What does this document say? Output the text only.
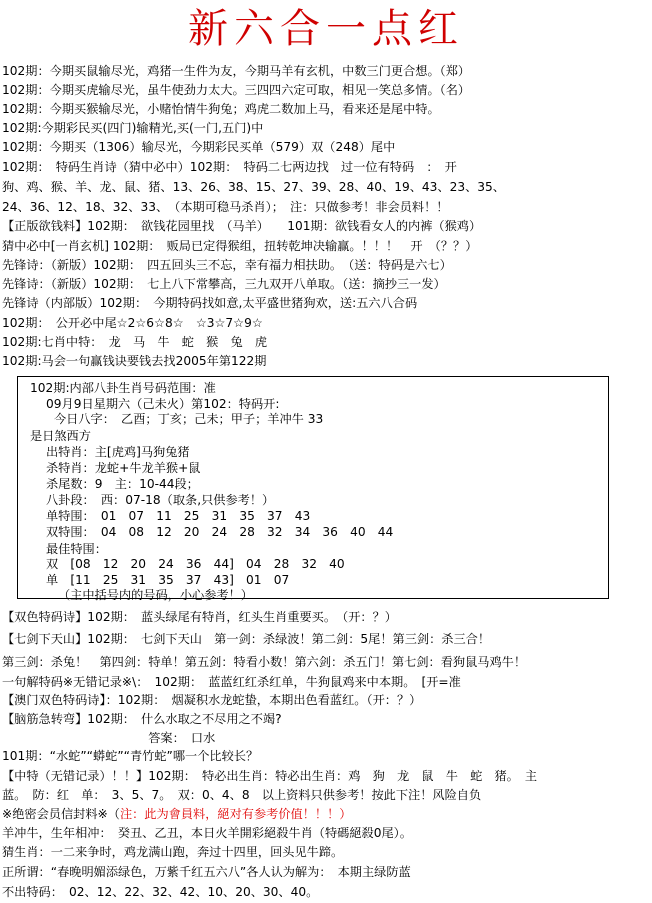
新六合一点红
102期：今期买鼠输尽光，鸡猪一生件为友，今期马羊有玄机，中数三门更合想。（郑）
102期：今期买虎输尽光，虽牛使劲力太大。三四四六定可取，相见一笑总多情。（名）
102期：今期买猴输尽光，小赌怡情牛狗兔；鸡虎二数加上马，看来还是尾中特。
102期:今期彩民买(四门)输精光,买(一门,五门)中
102期：今期买（1306）输尽光，今期彩民买单（579）双（248）尾中
102期：　特码生肖诗（猜中必中）102期：　特码二七两边找　过一位有特码　：　开
狗、鸡、猴、羊、龙、鼠、猪、13、26、38、15、27、39、28、40、19、43、23、35、
24、36、12、18、32、33、　（本期可稳马杀肖）；　注：只做参考！非会员料！！
【正版欲钱料】102期：　欲钱花园里找　（马羊）　　101期：欲钱看女人的内裤（猴鸡）
猜中必中[一肖玄机] 102期：　贩局已定得猴组，扭转乾坤决输赢。！！！　开　（？？）
先锋诗：（新版）102期：　四五回头三不忘，幸有福力相扶助。　（送：特码是六七）
先锋诗：（新版）102期：　七上八下常攀高，三九双开八单取。（送：摘抄三一发）
先锋诗（内部版）102期：　今期特码找如意,太平盛世猪狗欢，送:五六八合码
102期：　公开必中尾☆2☆6☆8☆　☆3☆7☆9☆
102期:七肖中特：　龙　马　牛　蛇　猴　兔　虎
102期:马会一句赢钱诀要钱去找2005年第122期
102期:内部八卦生肖号码范围：准
09月9日星期六（己未火）第102：特码开:
今日八字：　乙酉；丁亥；己未；甲子；羊冲牛 33
是日煞西方
出特肖：主[虎鸡]马狗兔猪
杀特肖：龙蛇+牛龙羊猴+鼠
杀尾数：9　主：10-44段；
八卦段：　西：07-18（取条,只供参考！）
单特围：　01　07　11　25　31　35　37　43
双特围：　04　08　12　20　24　28　32　34　36　40　44
最佳特围：
双　[08　12　20　24　36　44]　04　28　32　40
单　[11　25　31　35　37　43]　01　07
（主中括号内的号码，小心参考！）
【双色特码诗】102期：　蓝头绿尾有特肖，红头生肖重要买。　（开：？）
【七剑下天山】102期：　七剑下天山　第一剑：杀绿波！第二剑：5尾！第三剑：杀三合！
第三剑：杀兔！　第四剑：特单！第五剑：特看小数！第六剑：杀五门！第七剑：看狗鼠马鸡牛！
一句解特码※无错记录※\：　102期：　蓝蓝红红杀红单，牛狗鼠鸡来中本期。　[开=准
【澳门双色特码诗】：102期：　烟凝积水龙蛇蛰，本期出色看蓝红。（开：？）
【脑筋急转弯】102期：　什么水取之不尽用之不竭?
　　　　　　　　　　　　答案：　口水
101期：“水蛇”“蟒蛇”“青竹蛇”哪一个比较长？
【中特（无错记录）！！】102期：　特必出生肖：特必出生肖：鸡　狗　龙　鼠　牛　蛇　猪。　主
蓝。　防：红　单：　3、5、7。　双：0、4、8　以上资料只供参考！按此下注！风险自负
※绝密会员信封料※（注：此为會員料，絕对有参考价值！！！）
羊冲牛，生年相冲：　癸丑、乙丑，本日火羊開彩絕殺牛肖（特碼絕殺0尾）。
猜生肖：一二来争时，鸡龙满山跑，奔过十四里，回头见牛蹄。
正所谓：“春晚明媚添绿色，万紫千红五六八”各人认为解为：　本期主绿防蓝
不出特码：　02、12、22、32、42、10、20、30、40。
